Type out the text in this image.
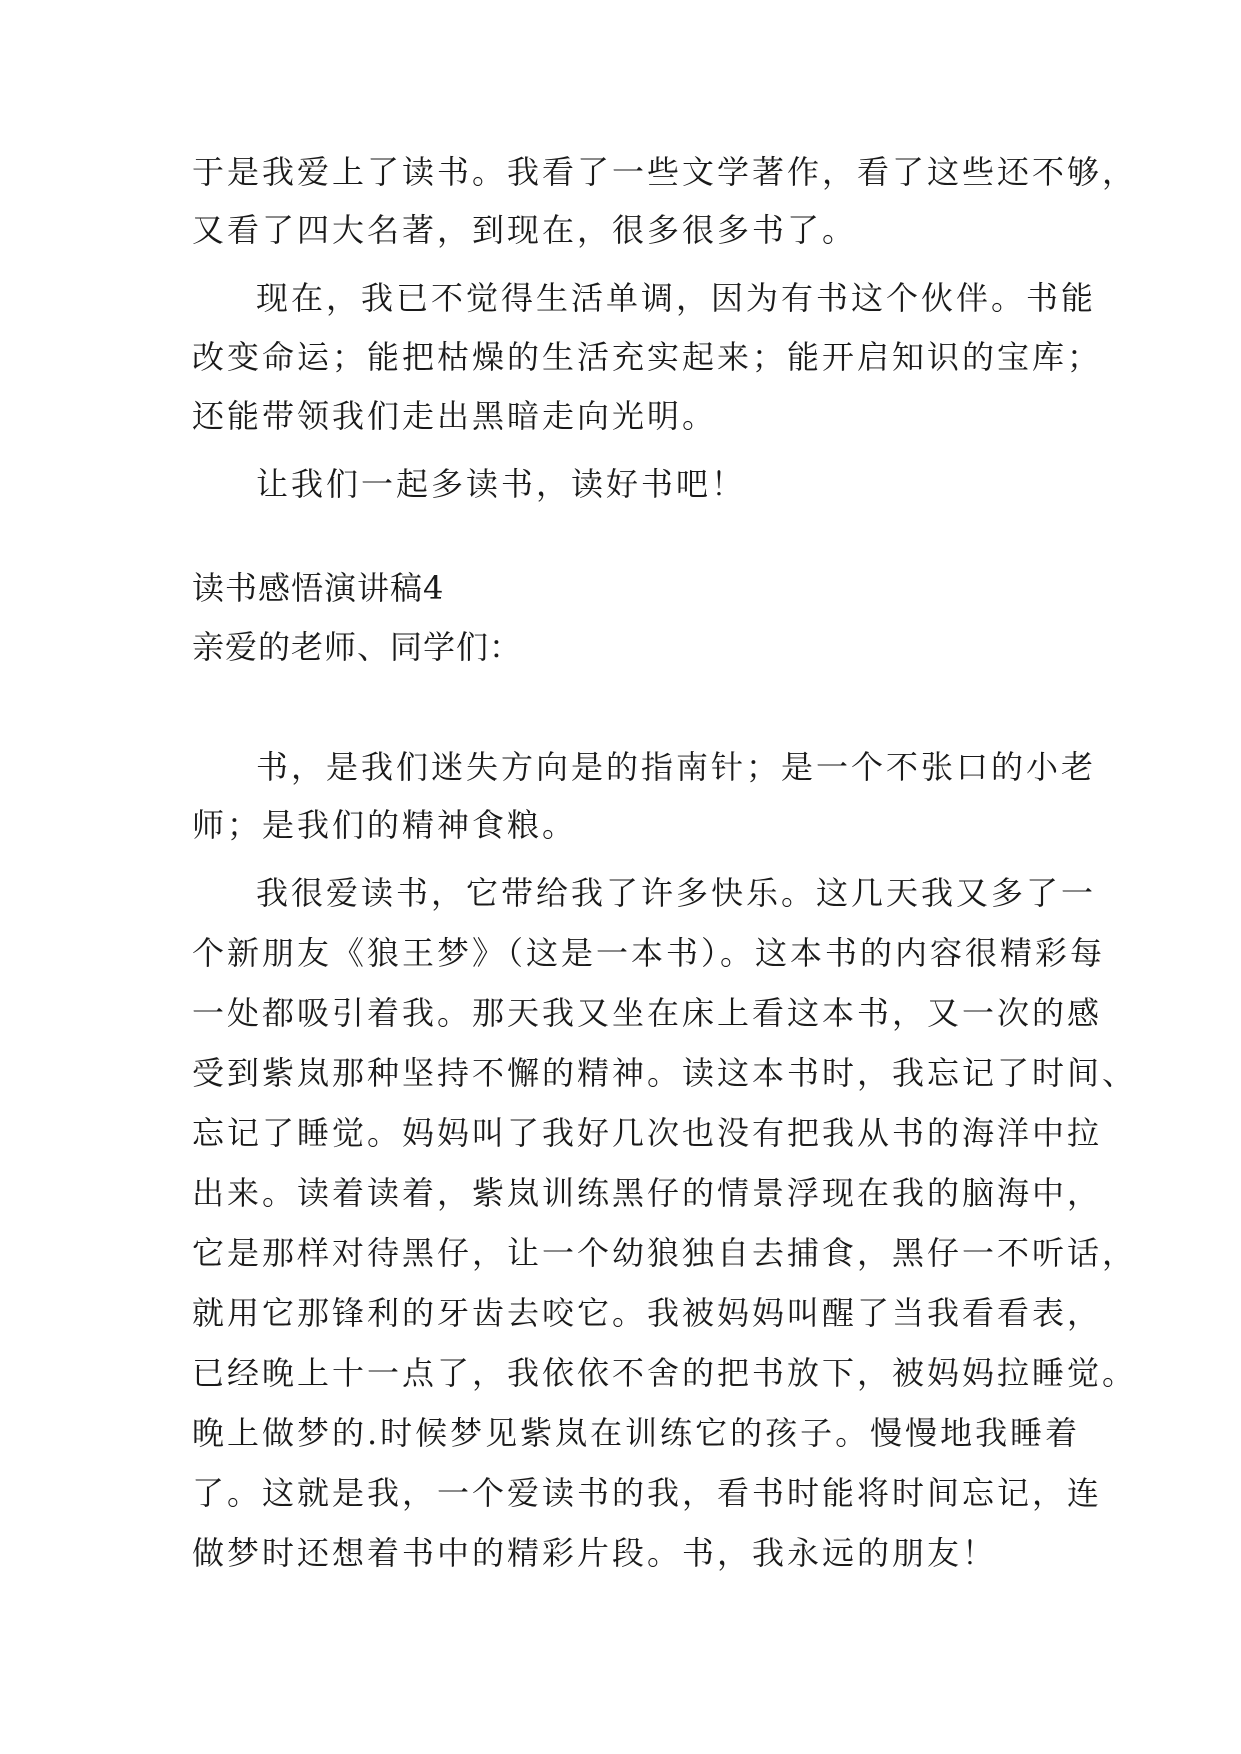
于是我爱上了读书。我看了一些文学著作，看了这些还不够，
又看了四大名著，到现在，很多很多书了。
现在，我已不觉得生活单调，因为有书这个伙伴。书能
改变命运；能把枯燥的生活充实起来；能开启知识的宝库；
还能带领我们走出黑暗走向光明。
让我们一起多读书，读好书吧！
读书感悟演讲稿4
亲爱的老师、同学们：
书，是我们迷失方向是的指南针；是一个不张口的小老
师；是我们的精神食粮。
我很爱读书，它带给我了许多快乐。这几天我又多了一
个新朋友《狼王梦》（这是一本书）。这本书的内容很精彩每
一处都吸引着我。那天我又坐在床上看这本书，又一次的感
受到紫岚那种坚持不懈的精神。读这本书时，我忘记了时间、
忘记了睡觉。妈妈叫了我好几次也没有把我从书的海洋中拉
出来。读着读着，紫岚训练黑仔的情景浮现在我的脑海中，
它是那样对待黑仔，让一个幼狼独自去捕食，黑仔一不听话，
就用它那锋利的牙齿去咬它。我被妈妈叫醒了当我看看表，
已经晚上十一点了，我依依不舍的把书放下，被妈妈拉睡觉。
晚上做梦的.时候梦见紫岚在训练它的孩子。慢慢地我睡着
了。这就是我，一个爱读书的我，看书时能将时间忘记，连
做梦时还想着书中的精彩片段。书，我永远的朋友！
